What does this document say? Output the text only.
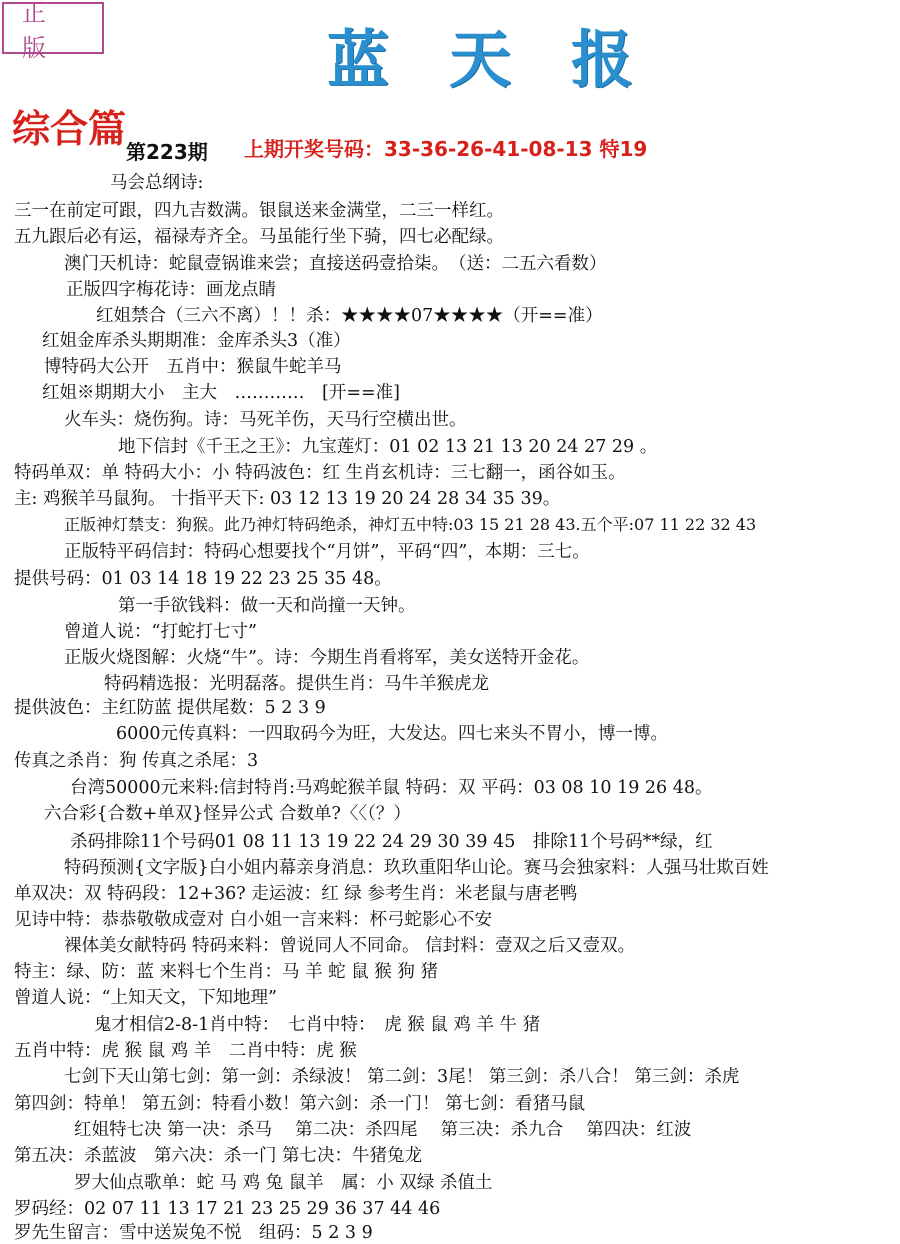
正版	蓝天报
综合篇
第223期 上期开奖号码：33-36-26-41-08-13 特19
马会总纲诗:
三一在前定可跟，四九吉数满。银鼠送来金满堂，二三一样红。
五九跟后必有运，福禄寿齐全。马虽能行坐下骑，四七必配绿。
澳门天机诗：蛇鼠壹锅谁来尝；直接送码壹拾柒。　（送：二五六看数）
正版四字梅花诗：画龙点睛
红姐禁合（三六不离）！！杀：★★★★07★★★★（开==准）
红姐金库杀头期期准：金库杀头3（准）
博特码大公开　五肖中：猴鼠牛蛇羊马
红姐※期期大小　主大　…………　[开==准]
火车头：烧伤狗。诗：马死羊伤，天马行空横出世。
地下信封《千王之王》：九宝莲灯：01 02 13 21 13 20 24 27 29 。
特码单双：单 特码大小：小 特码波色：红 生肖玄机诗：三七翻一，函谷如玉。
主: 鸡猴羊马鼠狗。 十指平天下: 03 12 13 19 20 24 28 34 35 39。
正版神灯禁支：狗猴。此乃神灯特码绝杀，神灯五中特:03 15 21 28 43.五个平:07 11 22 32 43
正版特平码信封：特码心想要找个“月饼”，平码“四”，本期：三七。
提供号码：01 03 14 18 19 22 23 25 35 48。
第一手欲钱料：做一天和尚撞一天钟。
曾道人说：“打蛇打七寸”
正版火烧图解：火烧“牛”。诗：今期生肖看将军，美女送特开金花。
特码精选报：光明磊落。提供生肖：马牛羊猴虎龙
提供波色：主红防蓝 提供尾数：5 2 3 9
6000元传真料：一四取码今为旺，大发达。四七来头不胃小，博一博。
传真之杀肖：狗 传真之杀尾：3
台湾50000元来料:信封特肖:马鸡蛇猴羊鼠 特码：双 平码：03 08 10 19 26 48。
六合彩{合数+单双}怪异公式 合数单?〈〈（？）
杀码排除11个号码01 08 11 13 19 22 24 29 30 39 45　排除11个号码**绿，红
特码预测{文字版}白小姐内幕亲身消息：玖玖重阳华山论。赛马会独家料：人强马壮欺百姓
单双决：双 特码段：12+36? 走运波：红 绿 参考生肖：米老鼠与唐老鸭
见诗中特：恭恭敬敬成壹对 白小姐一言来料：杯弓蛇影心不安
裸体美女献特码 特码来料：曾说同人不同命。 信封料：壹双之后又壹双。
特主：绿、防：蓝 来料七个生肖：马 羊 蛇 鼠 猴 狗 猪
曾道人说：“上知天文，下知地理”
鬼才相信2-8-1肖中特：　七肖中特：　虎 猴 鼠 鸡 羊 牛 猪
五肖中特：虎 猴 鼠 鸡 羊　二肖中特：虎 猴
七剑下天山第七剑：第一剑：杀绿波！ 第二剑：3尾！ 第三剑：杀八合！ 第三剑：杀虎
第四剑：特单！ 第五剑：特看小数！第六剑：杀一门！ 第七剑：看猪马鼠
红姐特七决 第一决：杀马　 第二决：杀四尾　 第三决：杀九合　 第四决：红波
第五决：杀蓝波　第六决：杀一门 第七决：牛猪兔龙
罗大仙点歌单：蛇 马 鸡 兔 鼠羊　属：小 双绿 杀值土
罗码经：02 07 11 13 17 21 23 25 29 36 37 44 46
罗先生留言：雪中送炭兔不悦　组码：5 2 3 9
